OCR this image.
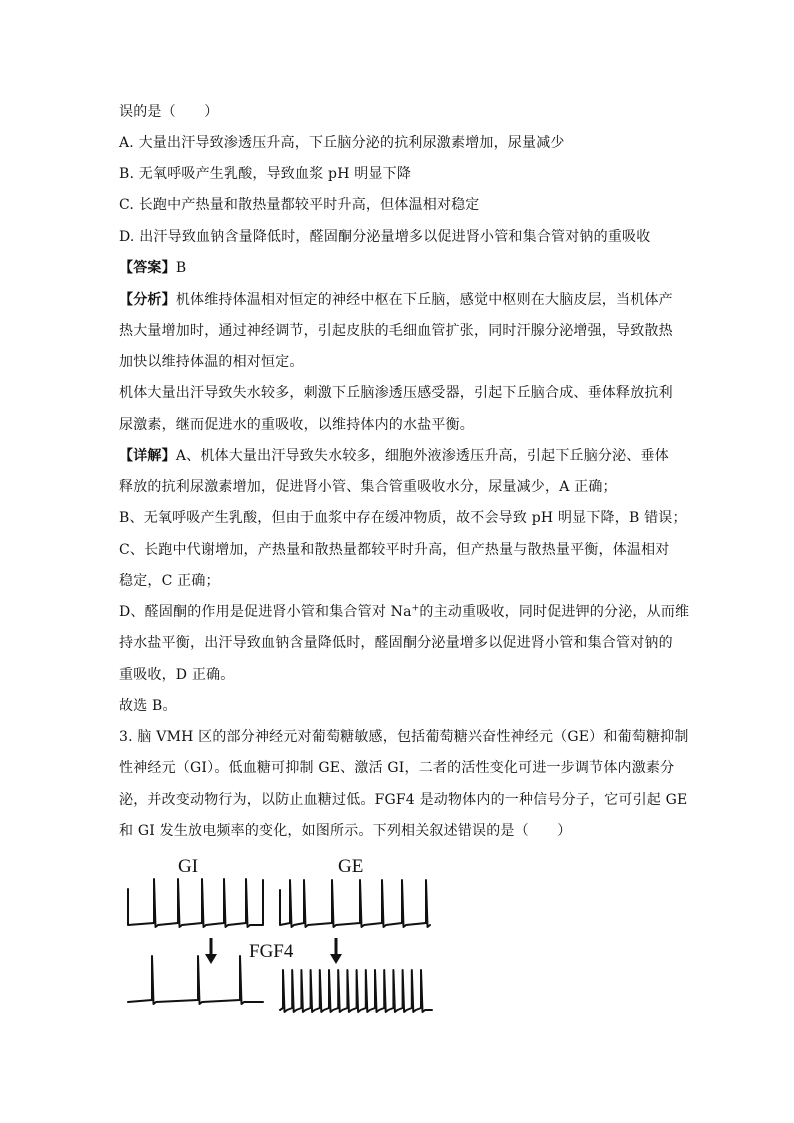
误的是（　　）
A. 大量出汗导致渗透压升高，下丘脑分泌的抗利尿激素增加，尿量减少
B. 无氧呼吸产生乳酸，导致血浆 pH 明显下降
C. 长跑中产热量和散热量都较平时升高，但体温相对稳定
D. 出汗导致血钠含量降低时，醛固酮分泌量增多以促进肾小管和集合管对钠的重吸收
【答案】B
【分析】机体维持体温相对恒定的神经中枢在下丘脑，感觉中枢则在大脑皮层，当机体产
热大量增加时，通过神经调节，引起皮肤的毛细血管扩张，同时汗腺分泌增强，导致散热
加快以维持体温的相对恒定。
机体大量出汗导致失水较多，刺激下丘脑渗透压感受器，引起下丘脑合成、垂体释放抗利
尿激素，继而促进水的重吸收，以维持体内的水盐平衡。
【详解】A、机体大量出汗导致失水较多，细胞外液渗透压升高，引起下丘脑分泌、垂体
释放的抗利尿激素增加，促进肾小管、集合管重吸收水分，尿量减少，A 正确；
B、无氧呼吸产生乳酸，但由于血浆中存在缓冲物质，故不会导致 pH 明显下降，B 错误；
C、长跑中代谢增加，产热量和散热量都较平时升高，但产热量与散热量平衡，体温相对
稳定，C 正确；
D、醛固酮的作用是促进肾小管和集合管对 Na+的主动重吸收，同时促进钾的分泌，从而维
持水盐平衡，出汗导致血钠含量降低时，醛固酮分泌量增多以促进肾小管和集合管对钠的
重吸收，D 正确。
故选 B。
3. 脑 VMH 区的部分神经元对葡萄糖敏感，包括葡萄糖兴奋性神经元（GE）和葡萄糖抑制
性神经元（GI）。低血糖可抑制 GE、激活 GI，二者的活性变化可进一步调节体内激素分
泌，并改变动物行为，以防止血糖过低。FGF4 是动物体内的一种信号分子，它可引起 GE
和 GI 发生放电频率的变化，如图所示。下列相关叙述错误的是（　　）
GI	GE
FGF4
